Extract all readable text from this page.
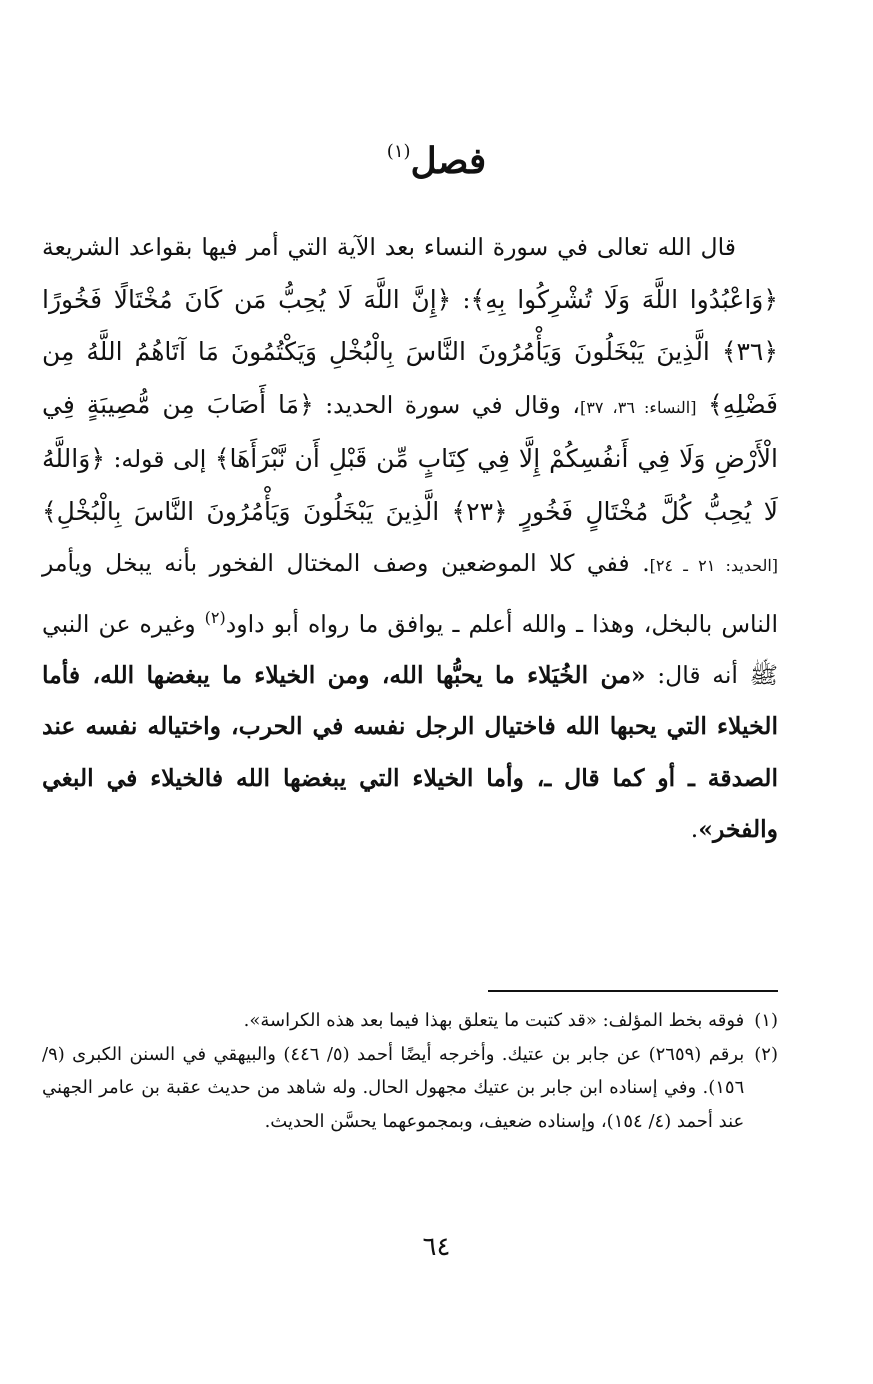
فصل$^{(١)}$

قال الله تعالى في سورة النساء بعد الآية التي أمر فيها بقواعد الشريعة ﴿وَاعْبُدُوا اللَّهَ وَلَا تُشْرِكُوا بِهِ﴾: ﴿إِنَّ اللَّهَ لَا يُحِبُّ مَن كَانَ مُخْتَالًا فَخُورًا ﴿٣٦﴾ الَّذِينَ يَبْخَلُونَ وَيَأْمُرُونَ النَّاسَ بِالْبُخْلِ وَيَكْتُمُونَ مَا آتَاهُمُ اللَّهُ مِن فَضْلِهِ﴾ [النساء: ٣٦، ٣٧]، وقال في سورة الحديد: ﴿مَا أَصَابَ مِن مُّصِيبَةٍ فِي الْأَرْضِ وَلَا فِي أَنفُسِكُمْ إِلَّا فِي كِتَابٍ مِّن قَبْلِ أَن نَّبْرَأَهَا﴾ إلى قوله: ﴿وَاللَّهُ لَا يُحِبُّ كُلَّ مُخْتَالٍ فَخُورٍ ﴿٢٣﴾ الَّذِينَ يَبْخَلُونَ وَيَأْمُرُونَ النَّاسَ بِالْبُخْلِ﴾ [الحديد: ٢١ ـ ٢٤]. ففي كلا الموضعين وصف المختال الفخور بأنه يبخل ويأمر الناس بالبخل، وهذا ـ والله أعلم ـ يوافق ما رواه أبو داود$^{(٢)}$ وغيره عن النبي ﷺ أنه قال: «من الخُيَلاء ما يحبُّها الله، ومن الخيلاء ما يبغضها الله، فأما الخيلاء التي يحبها الله فاختيال الرجل نفسه في الحرب، واختياله نفسه عند الصدقة ـ أو كما قال ـ، وأما الخيلاء التي يبغضها الله فالخيلاء في البغي والفخر».

(١)
فوقه بخط المؤلف: «قد كتبت ما يتعلق بهذا فيما بعد هذه الكراسة».
(٢)
برقم (٢٦٥٩) عن جابر بن عتيك. وأخرجه أيضًا أحمد (٥/ ٤٤٦) والبيهقي في السنن الكبرى (٩/ ١٥٦). وفي إسناده ابن جابر بن عتيك مجهول الحال. وله شاهد من حديث عقبة بن عامر الجهني عند أحمد (٤/ ١٥٤)، وإسناده ضعيف، وبمجموعهما يحسَّن الحديث.
٦٤
